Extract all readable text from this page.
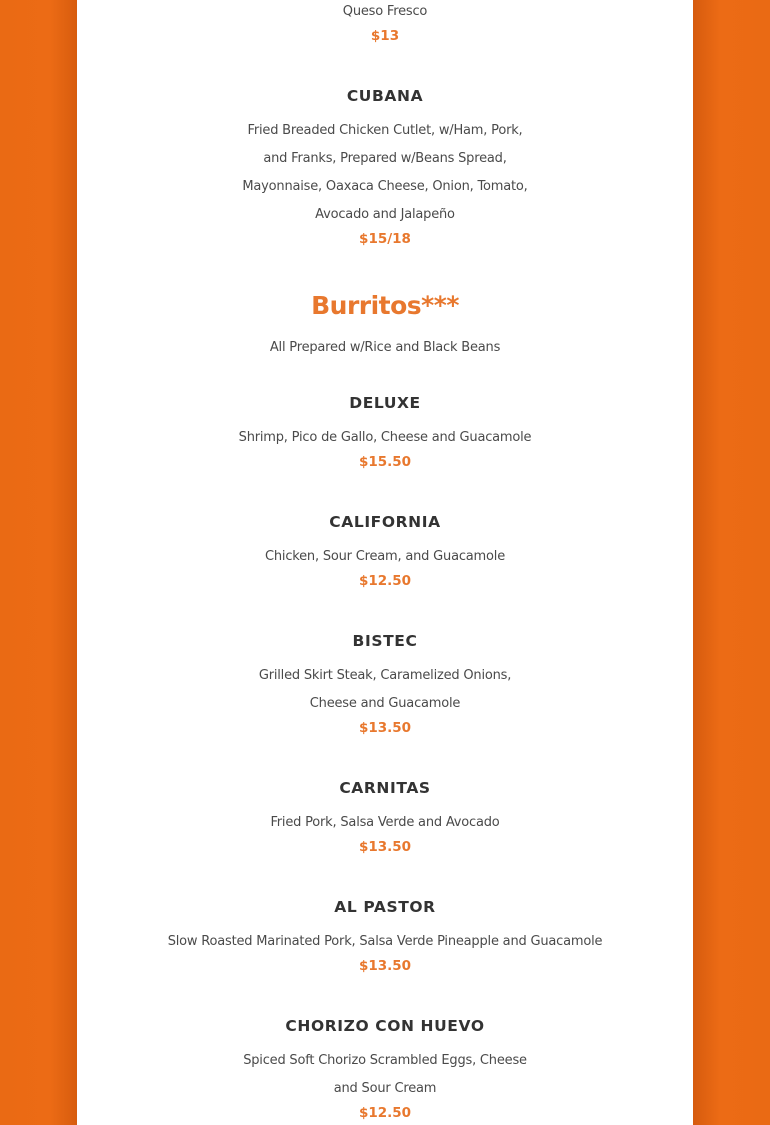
Queso Fresco
$13
CUBANA
Fried Breaded Chicken Cutlet, w/Ham, Pork,
and Franks, Prepared w/Beans Spread,
Mayonnaise, Oaxaca Cheese, Onion, Tomato,
Avocado and Jalapeño
$15/18
Burritos***
All Prepared w/Rice and Black Beans
DELUXE
Shrimp, Pico de Gallo, Cheese and Guacamole
$15.50
CALIFORNIA
Chicken, Sour Cream, and Guacamole
$12.50
BISTEC
Grilled Skirt Steak, Caramelized Onions,
Cheese and Guacamole
$13.50
CARNITAS
Fried Pork, Salsa Verde and Avocado
$13.50
AL PASTOR
Slow Roasted Marinated Pork, Salsa Verde Pineapple and Guacamole
$13.50
CHORIZO CON HUEVO
Spiced Soft Chorizo Scrambled Eggs, Cheese
and Sour Cream
$12.50
